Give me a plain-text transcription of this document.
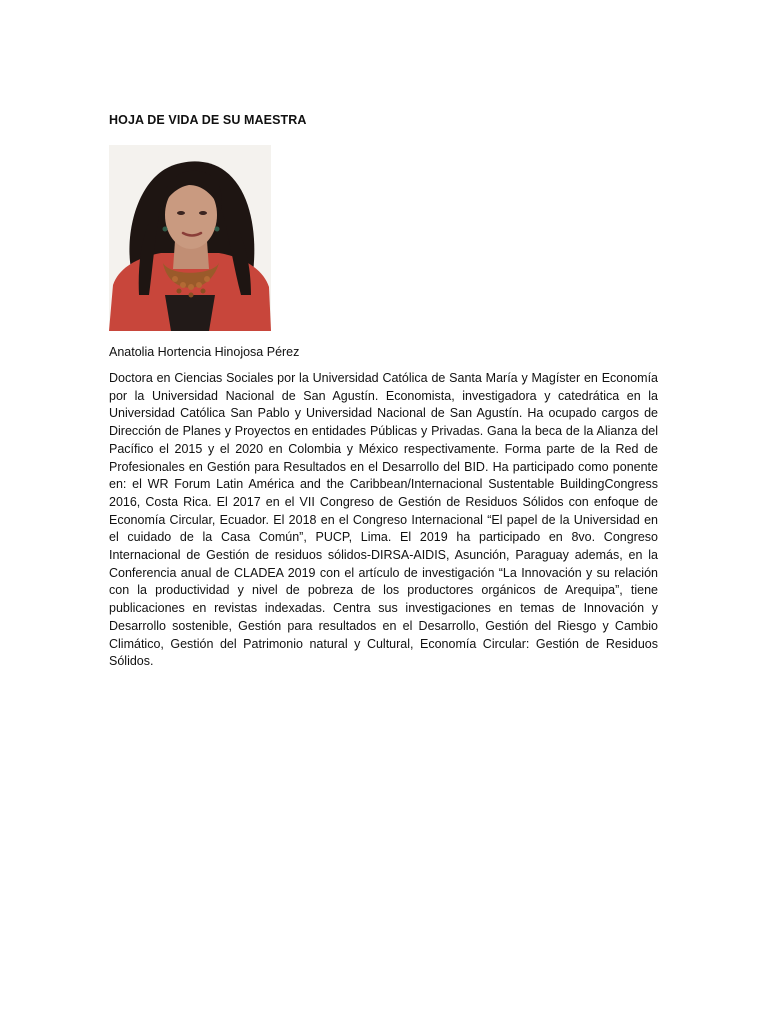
HOJA DE VIDA DE SU MAESTRA
Anatolia Hortencia Hinojosa Pérez

Doctora en Ciencias Sociales por la Universidad Católica de Santa María y Magíster en Economía por la Universidad Nacional de San Agustín. Economista, investigadora y catedrática en la Universidad Católica San Pablo y Universidad Nacional de San Agustín. Ha ocupado cargos de Dirección de Planes y Proyectos en entidades Públicas y Privadas. Gana la beca de la Alianza del Pacífico el 2015 y el 2020 en Colombia y México respectivamente. Forma parte de la Red de Profesionales en Gestión para Resultados en el Desarrollo del BID. Ha participado como ponente en: el WR Forum Latin América and the Caribbean/Internacional Sustentable BuildingCongress 2016, Costa Rica. El 2017 en el VII Congreso de Gestión de Residuos Sólidos con enfoque de Economía Circular, Ecuador. El 2018 en el Congreso Internacional “El papel de la Universidad en el cuidado de la Casa Común”, PUCP, Lima. El 2019 ha participado en 8vo. Congreso Internacional de Gestión de residuos sólidos-DIRSA-AIDIS, Asunción, Paraguay además, en la Conferencia anual de CLADEA 2019 con el artículo de investigación “La Innovación y su relación con la productividad y nivel de pobreza de los productores orgánicos de Arequipa”, tiene publicaciones en revistas indexadas. Centra sus investigaciones en temas de Innovación y Desarrollo sostenible, Gestión para resultados en el Desarrollo, Gestión del Riesgo y Cambio Climático, Gestión del Patrimonio natural y Cultural, Economía Circular: Gestión de Residuos Sólidos.
